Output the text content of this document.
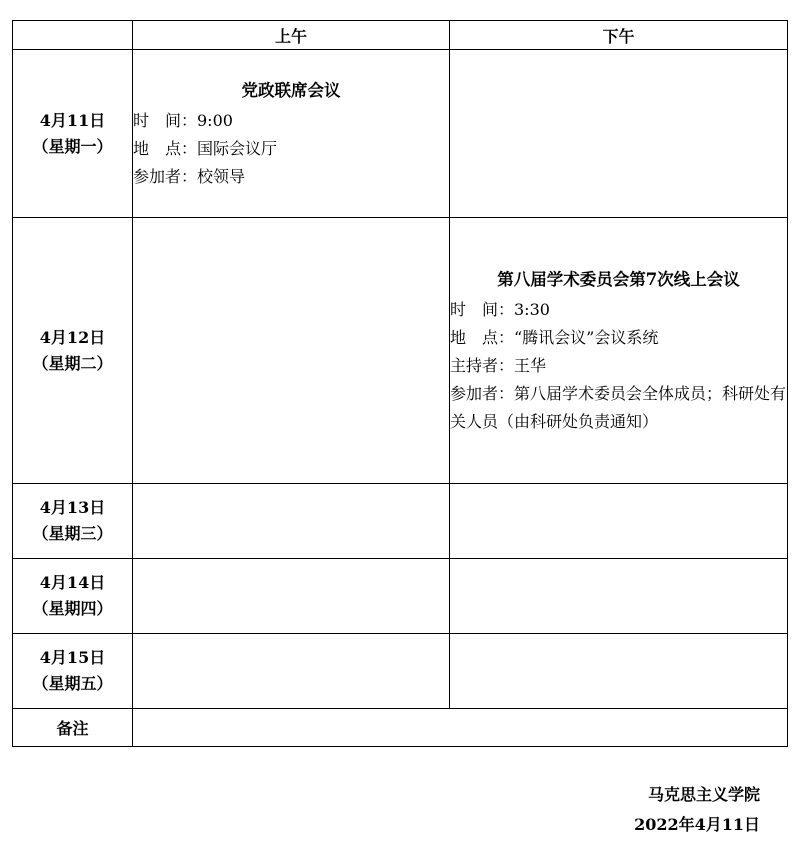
	上午	下午

4月11日
（星期一）	党政联席会议
时　间：9:00
地　点：国际会议厅
参加者：校领导	

4月12日
（星期二）		第八届学术委员会第7次线上会议
时　间：3:30
地　点：“腾讯会议”会议系统
主持者：王华
参加者：第八届学术委员会全体成员；科研处有关人员（由科研处负责通知）

4月13日
（星期三）		

4月14日
（星期四）		

4月15日
（星期五）		

备注		
马克思主义学院
2022年4月11日
